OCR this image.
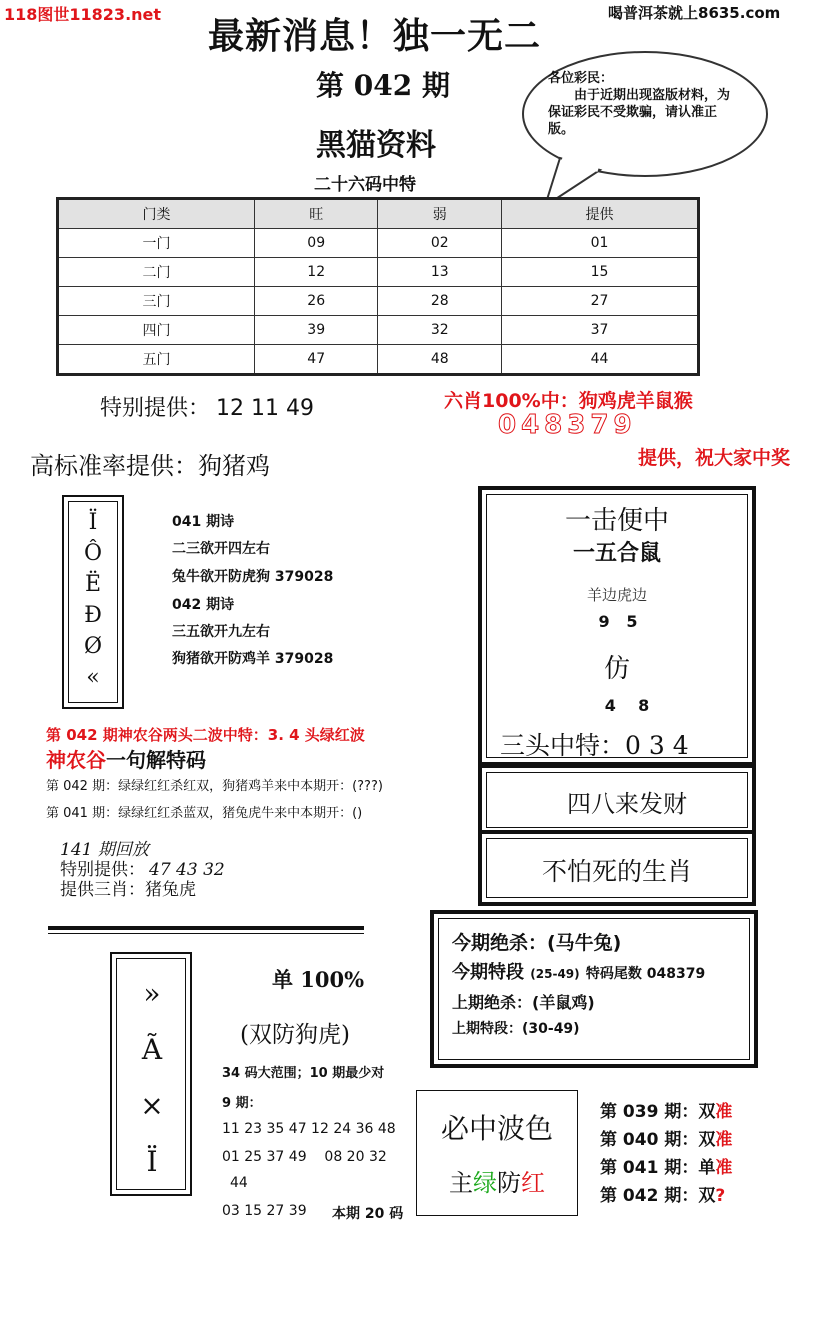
118图世11823.net	喝普洱茶就上8635.com
最新消息！独一无二
第 042 期
黑猫资料
二十六码中特
各位彩民：
由于近期出现盗版材料，为保证彩民不受欺骗，请认准正版。
门类	旺	弱	提供
一门	09	02	01
二门	12	13	15
三门	26	28	27
四门	39	32	37
五门	47	48	44
特别提供： 12 11 49	六肖100%中：狗鸡虎羊鼠猴
048379
提供，祝大家中奖
高标准率提供：狗猪鸡
Ï
Ô
Ë
Ð
Ø
«
041 期诗
二三欲开四左右
兔牛欲开防虎狗 379028
042 期诗
三五欲开九左右
狗猪欲开防鸡羊 379028
一击便中
一五合鼠
羊边虎边
9   5
仿
4    8
三头中特：0 3 4
四八来发财
不怕死的生肖
第 042 期神农谷两头二波中特：3. 4 头绿红波
神农谷一句解特码
第 042 期：绿绿红红杀红双，狗猪鸡羊来中本期开：(???)
第 041 期：绿绿红红杀蓝双，猪兔虎牛来中本期开：()
141 期回放
特别提供： 47 43 32
提供三肖：猪兔虎
今期绝杀：(马牛兔)
今期特段 (25-49) 特码尾数 048379
上期绝杀：(羊鼠鸡)
上期特段：(30-49)
»
Ã
×
Ï
单 100%
(双防狗虎)
34 码大范围；10 期最少对
9 期：
11 23 35 47 12 24 36 48
01 25 37 49    08 20 32
44
03 15 27 39 本期 20 码
必中波色
主绿防红
第 039 期：双准
第 040 期：双准
第 041 期：单准
第 042 期：双?
